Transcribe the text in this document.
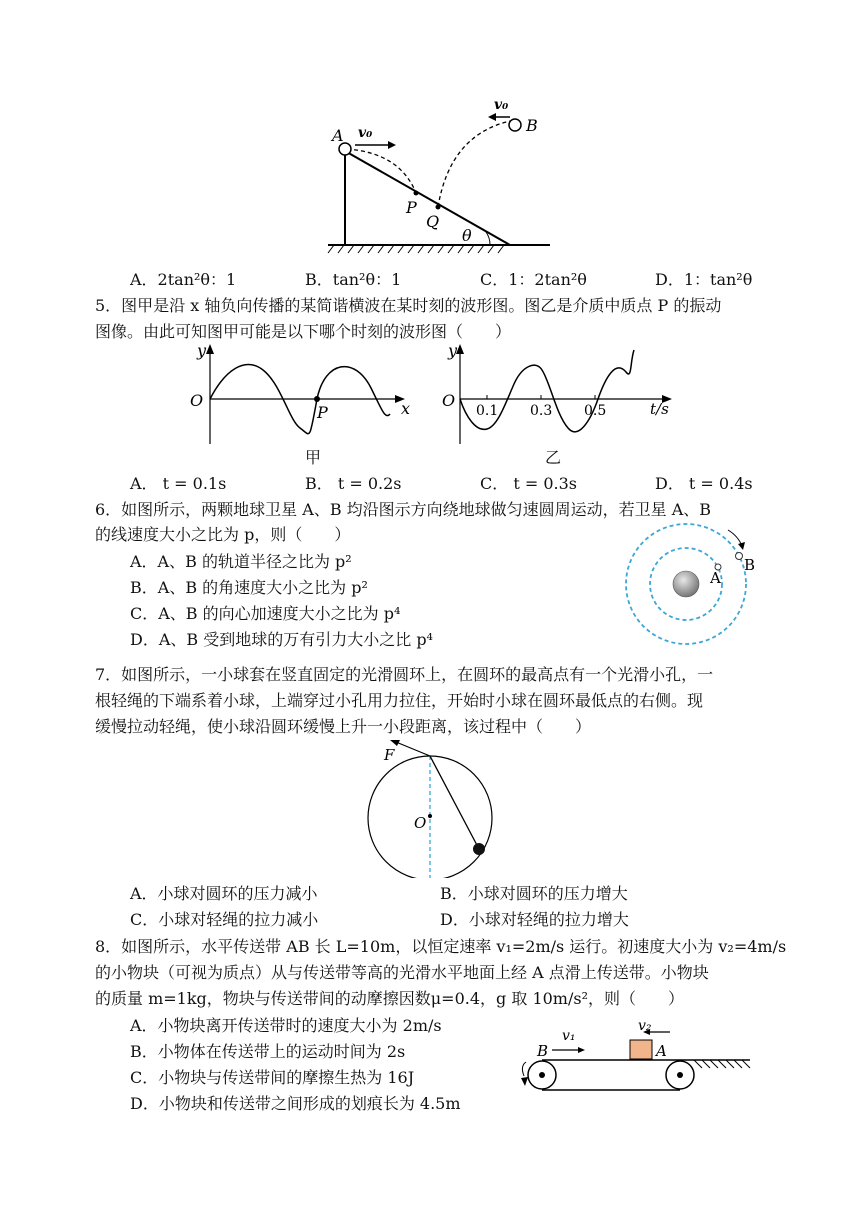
A v₀
v₀
B
P
Q
θ
A．2tan²θ：1	B．tan²θ：1	C．1：2tan²θ	D．1：tan²θ
5．图甲是沿 x 轴负向传播的某简谐横波在某时刻的波形图。图乙是介质中质点 P 的振动
图像。由此可知图甲可能是以下哪个时刻的波形图（　　）
y
O
P	x
甲
y
O
0.1 0.3 0.5	t/s
乙
A． t = 0.1s	B． t = 0.2s	C． t = 0.3s	D． t = 0.4s
6．如图所示，两颗地球卫星 A、B 均沿图示方向绕地球做匀速圆周运动，若卫星 A、B
的线速度大小之比为 p，则（　　）
A．A、B 的轨道半径之比为 p²
B．A、B 的角速度大小之比为 p²
C．A、B 的向心加速度大小之比为 p⁴
D．A、B 受到地球的万有引力大小之比 p⁴
A
B
7．如图所示，一小球套在竖直固定的光滑圆环上，在圆环的最高点有一个光滑小孔，一
根轻绳的下端系着小球，上端穿过小孔用力拉住，开始时小球在圆环最低点的右侧。现
缓慢拉动轻绳，使小球沿圆环缓慢上升一小段距离，该过程中（　　）
F
O
A．小球对圆环的压力减小	B．小球对圆环的压力增大
C．小球对轻绳的拉力减小	D．小球对轻绳的拉力增大
8．如图所示，水平传送带 AB 长 L=10m，以恒定速率 v₁=2m/s 运行。初速度大小为 v₂=4m/s
的小物块（可视为质点）从与传送带等高的光滑水平地面上经 A 点滑上传送带。小物块
的质量 m=1kg，物块与传送带间的动摩擦因数μ=0.4，g 取 10m/s²，则（　　）
A．小物块离开传送带时的速度大小为 2m/s
B．小物体在传送带上的运动时间为 2s
C．小物块与传送带间的摩擦生热为 16J
D．小物块和传送带之间形成的划痕长为 4.5m
B	A
v₁
v₂
